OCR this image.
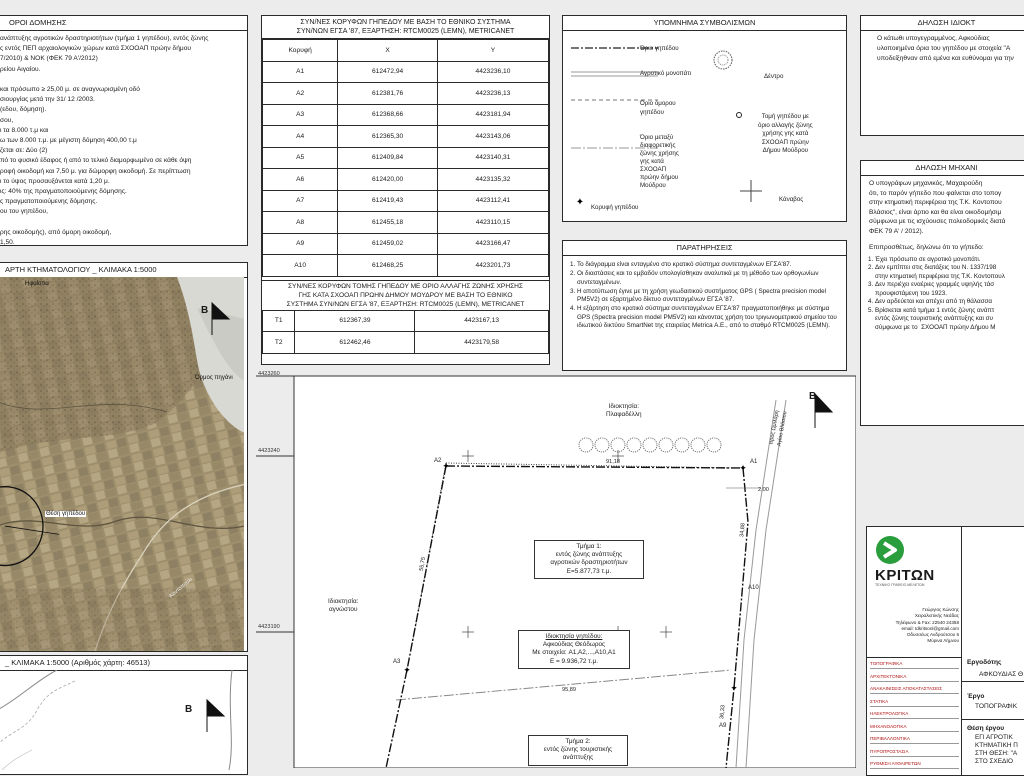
ΟΡΟΙ ΔΟΜΗΣΗΣ
ανάπτυξης αγροτικών δραστηριοτήτων (τμήμα 1 γηπέδου), εντός ζώνης
ς εντός ΠΕΠ αρχαιολογικών χώρων κατά ΣΧΟΟΑΠ πρώην δήμου
7/2010) & ΝΟΚ (ΦΕΚ 79 Α'/2012)
ρείου Αιγαίου.

και πρόσωπο ≥ 25,00 μ. σε αναγνωρισμένη οδό
σιουργίας μετά την 31/ 12 /2003.
(εδου, δόμηση).
σου,
ι τα 8.000 τ.μ και
ω των 8.000 τ.μ. με μέγιστη δόμηση 400,00 τ.μ
ζεται σε: Δύο (2)
πό το φυσικό έδαφος ή από το τελικό διαμορφωμένο σε κάθε όψη
ροφή οικοδομή και 7,50 μ. για δώμορφη οικοδομή. Σε περίπτωση
ι το ύψος προσαυξάνεται κατά 1,20 μ.
ις: 40% της πραγματοποιούμενης δόμησης.
ς πραγματοποιούμενης δόμησης.
ου του γηπέδου,

ρης οικοδομής), από όμορη οικοδομή,
1,50.
ΣΥΝ/ΝΕΣ ΚΟΡΥΦΩΝ ΓΗΠΕΔΟΥ ΜΕ ΒΑΣΗ ΤΟ ΕΘΝΙΚΟ ΣΥΣΤΗΜΑ
ΣΥΝ/ΝΩΝ ΕΓΣΑ '87, ΕΞΑΡΤΗΣΗ: RTCM0025 (LEMN), METRICANET
Κορυφή	X	Y
A1	612472,94	4423236,10
A2	612381,76	4423236,13
A3	612368,66	4423181,94
A4	612365,30	4423143,06
A5	612409,84	4423140,31
A6	612420,00	4423135,32
A7	612419,43	4423112,41
A8	612455,18	4423110,15
A9	612459,02	4423166,47
A10	612468,25	4423201,73
ΣΥΝ/ΝΕΣ ΚΟΡΥΦΩΝ ΤΟΜΗΣ ΓΗΠΕΔΟΥ ΜΕ ΟΡΙΟ ΑΛΛΑΓΗΣ ΖΩΝΗΣ ΧΡΗΣΗΣ
ΓΗΣ ΚΑΤΑ ΣΧΟΟΑΠ ΠΡΩΗΝ ΔΗΜΟΥ ΜΟΥΔΡΟΥ ΜΕ ΒΑΣΗ ΤΟ ΕΘΝΙΚΟ
ΣΥΣΤΗΜΑ ΣΥΝ/ΝΩΝ ΕΓΣΑ '87, ΕΞΑΡΤΗΣΗ: RTCM0025 (LEMN), METRICANET
T1	612367,39	4423167,13
T2	612462,46	4423179,58
ΥΠΟΜΝΗΜΑ ΣΥΜΒΟΛΙΣΜΩΝ
✦
Όριο γηπέδου
Αγροτικό μονοπάτι
Όριο όμορου
γηπέδου
Όριο μεταξύ
διαφορετικής
ζώνης χρήσης
γης κατά
ΣΧΟΟΑΠ
πρώην δήμου
Μούδρου
Κορυφή γηπέδου
Δέντρο
Τομή γηπέδου με
όριο αλλαγής ζώνης
χρήσης γης κατά
ΣΧΟΟΑΠ πρώην
Δήμου Μούδρου
Κάναβος
ΠΑΡΑΤΗΡΗΣΕΙΣ
1. Το διάγραμμα είναι ενταγμένο στο κρατικό σύστημα συντεταγμένων ΕΓΣΑ'87.
2. Οι διαστάσεις και το εμβαδόν υπολογίσθηκαν αναλυτικά με τη μέθοδο των ορθογωνίων συντεταγμένων.
3. Η αποτύπωση έγινε με τη χρήση γεωδαιτικού συστήματος GPS ( Spectra precision model PM5V2) σε εξαρτημένο δίκτυο συντεταγμένων ΕΓΣΑ '87.
4. Η εξάρτηση στο κρατικό σύστημα συντεταγμένων ΕΓΣΑ'87 πραγματοποιήθηκε με σύστημα GPS (Spectra precision model PM5V2) και κάνοντας χρήση του τριγωνομετρικού σημείου του ιδιωτικού δικτύου SmartNet της εταιρείας Metrica A.E., από το σταθμό RTCM0025 (LEMN).
ΔΗΛΩΣΗ ΙΔΙΟΚΤ
Ο κάτωθι υπογεγραμμένος, Αφκούδιας
υλοποιημένα όρια του γηπέδου με στοιχεία "Α
υποδείξηθναν από εμένα και ευθύνομαι για την
ΔΗΛΩΣΗ ΜΗΧΑΝΙ
Ο υπογράφων μηχανικός, Μαχαιρούδη
ότι, το παρόν γήπεδο που φαίνεται στο τοπογ
στην κτηματική περιφέρεια της Τ.Κ. Κοντοπου
Βλάσιος", είναι άρτιο και θα είναι οικοδομήσιμ
σύμφωνα με τις ισχύουσες πολεοδομικές διατά
ΦΕΚ 79 Α' / 2012).
Επιπροσθέτως, δηλώνω ότι το γήπεδο:
1. Έχει πρόσωπο σε αγροτικό μονοπάτι.
2. Δεν εμπίπτει στις διατάξεις του Ν. 1337/198
στην κτηματική περιφέρεια της Τ.Κ. Κοντοπουλ
3. Δεν περιέχει εναέριες γραμμές υψηλής τάσ
προυφιστάμενη του 1923.
4. Δεν αρδεύεται και απέχει από τη θάλασσα
5. Βρίσκεται κατά τμήμα 1 εντός ζώνης ανάπτ
εντός ζώνης τουριστικής ανάπτυξης και συ
σύμφωνα με το  ΣΧΟΟΑΠ πρώην Δήμου Μ
ΑΡΤΗ ΚΤΗΜΑΤΟΛΟΓΙΟΥ _ ΚΛΙΜΑΚΑ 1:5000
Ηφαίστια
Όρμος πηγάνι
Θέση γηπέδου
Κοντοπούλι
B
_ ΚΛΙΜΑΚΑ 1:5000 (Αριθμός χάρτη: 46513)
B
✦	✦
✦
✦
4423260
4423240
4423190
B
Ιδιοκτησία:
Πλαφαδέλλη
Ιδιοκτησία:
αγνώστου
προς Ωμιλάρη
Αγίου Βλάσιου
A2
A10
A3
A9
A1
91,18
2,00
55,75
34,88
95,89
36,33
Τμήμα 1:
εντός ζώνης ανάπτυξης
αγροτικών δραστηριοτήτων
E=5.877,73 τ.μ.
Ιδιοκτησία γηπέδου:
Αφκούδιας Θεόδωρος
Με στοιχεία: A1,A2,...,A10,A1
E = 9.936,72 τ.μ.
Τμήμα 2:
εντός ζώνης τουριστικής
ανάπτυξης
ΚΡΙΤΩΝ
ΤΕΧΝΙΚΟ ΓΡΑΦΕΙΟ ΜΕΛΕΤΩΝ
Γεώργιος Κώνσης
Χειραλιστικής Νεάδας
Τηλέφωνο & Fax: 22540 24358
email: tdkritsonl@gmail.com
Οδυσσέως Ανδρούτσου 5
Μύρινα Λήμνου
ΤΟΠΟΓΡΑΦΙΚΑ
ΑΡΧΙΤΕΚΤΟΝΙΚΑ
ΑΝΑΚΑΙΝΙΣΕΙΣ ΑΠΟΚΑΤΑΣΤΑΣΕΙΣ
ΣΤΑΤΙΚΑ
ΗΛΕΚΤΡΟΛΟΓΙΚΑ
ΜΗΧΑΝΟΛΟΓΙΚΑ
ΠΕΡΙΒΑΛΛΟΝΤΙΚΑ
ΠΥΡΟΠΡΟΣΤΑΣΙΑ
ΡΥΘΜΙΣΗ ΑΥΘΑΙΡΕΤΩΝ
Εργοδότης
ΑΦΚΟΥΔΙΑΣ Θ
Έργο
ΤΟΠΟΓΡΑΦΙΚ
Θέση έργου
ΕΓΙ ΑΓΡΟΤΙΚ
ΚΤΗΜΑΤΙΚΗ Π
ΣΤΗ ΘΕΣΗ: "Α
ΣΤΟ ΣΧΕΔΙΟ
